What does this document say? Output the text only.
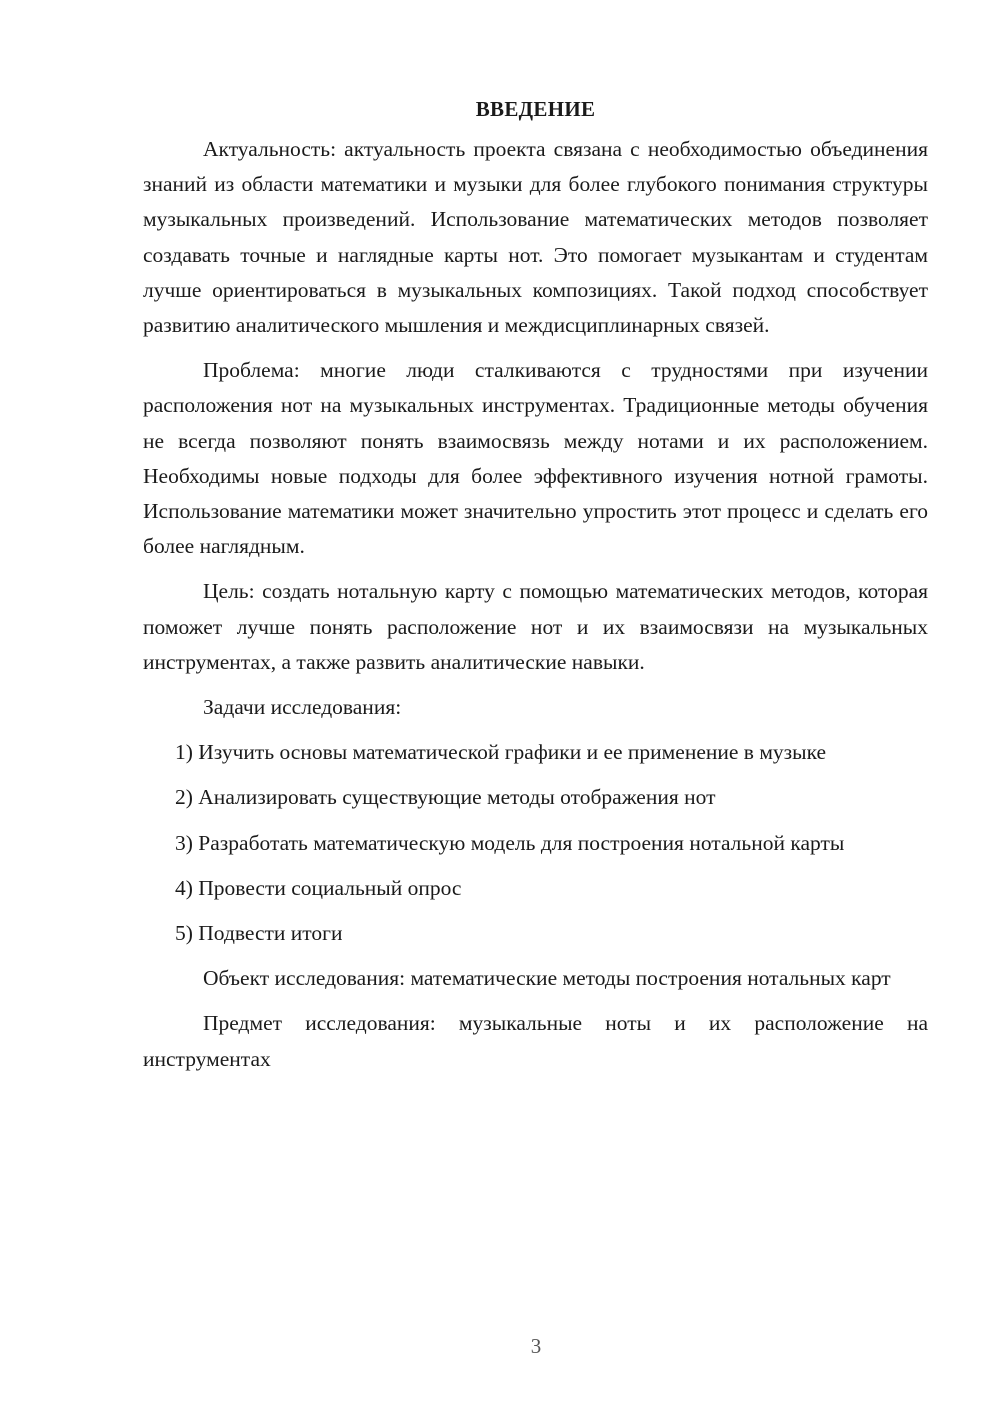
ВВЕДЕНИЕ

Актуальность: актуальность проекта связана с необходимостью объединения знаний из области математики и музыки для более глубокого понимания структуры музыкальных произведений. Использование математических методов позволяет создавать точные и наглядные карты нот. Это помогает музыкантам и студентам лучше ориентироваться в музыкальных композициях. Такой подход способствует развитию аналитического мышления и междисциплинарных связей.

Проблема: многие люди сталкиваются с трудностями при изучении расположения нот на музыкальных инструментах. Традиционные методы обучения не всегда позволяют понять взаимосвязь между нотами и их расположением. Необходимы новые подходы для более эффективного изучения нотной грамоты. Использование математики может значительно упростить этот процесс и сделать его более наглядным.

Цель: создать нотальную карту с помощью математических методов, которая поможет лучше понять расположение нот и их взаимосвязи на музыкальных инструментах, а также развить аналитические навыки.

Задачи исследования:

1) Изучить основы математической графики и ее применение в музыке

2) Анализировать существующие методы отображения нот

3) Разработать математическую модель для построения нотальной карты

4) Провести социальный опрос

5) Подвести итоги

Объект исследования: математические методы построения нотальных карт

Предмет исследования: музыкальные ноты и их расположение на инструментах

3
